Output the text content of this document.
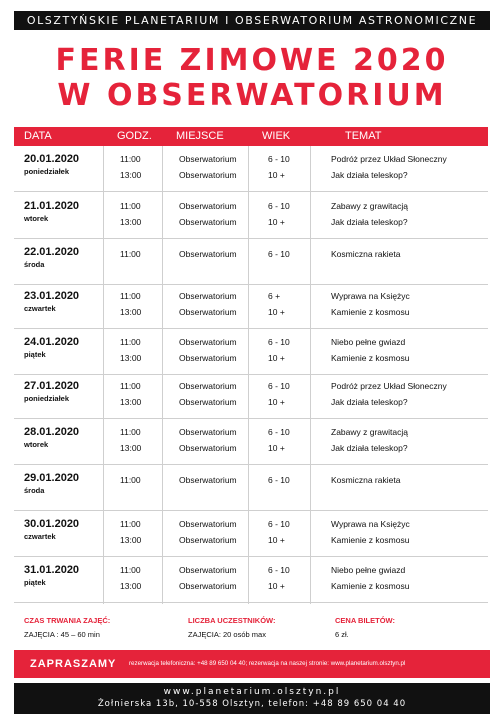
OLSZTYŃSKIE PLANETARIUM I OBSERWATORIUM ASTRONOMICZNE
FERIE ZIMOWE 2020
W OBSERWATORIUM
DATA	GODZ. MIEJSCE	WIEK	TEMAT
20.01.2020
poniedziałek
11:00	Obserwatorium	6 - 10	Podróż przez Układ Słoneczny
13:00	Obserwatorium	10 +	Jak działa teleskop?
21.01.2020
wtorek
11:00	Obserwatorium	6 - 10	Zabawy z grawitacją
13:00	Obserwatorium	10 +	Jak działa teleskop?
22.01.2020
środa
11:00	Obserwatorium	6 - 10	Kosmiczna rakieta
23.01.2020
czwartek
11:00	Obserwatorium	6 +	Wyprawa na Księżyc
13:00	Obserwatorium	10 +	Kamienie z kosmosu
24.01.2020
piątek
11:00	Obserwatorium	6 - 10	Niebo pełne gwiazd
13:00	Obserwatorium	10 +	Kamienie z kosmosu
27.01.2020
poniedziałek
11:00	Obserwatorium	6 - 10	Podróż przez Układ Słoneczny
13:00	Obserwatorium	10 +	Jak działa teleskop?
28.01.2020
wtorek
11:00	Obserwatorium	6 - 10	Zabawy z grawitacją
13:00	Obserwatorium	10 +	Jak działa teleskop?
29.01.2020
środa
11:00	Obserwatorium	6 - 10	Kosmiczna rakieta
30.01.2020
czwartek
11:00	Obserwatorium	6 - 10	Wyprawa na Księżyc
13:00	Obserwatorium	10 +	Kamienie z kosmosu
31.01.2020
piątek
11:00	Obserwatorium	6 - 10	Niebo pełne gwiazd
13:00	Obserwatorium	10 +	Kamienie z kosmosu
CZAS TRWANIA ZAJĘĆ:
ZAJĘCIA : 45 – 60 min
LICZBA UCZESTNIKÓW:
ZAJĘCIA: 20 osób max
CENA BILETÓW:
6 zł.
ZAPRASZAMY rezerwacja telefoniczna: +48 89 650 04 40; rezerwacja na naszej stronie: www.planetarium.olsztyn.pl
www.planetarium.olsztyn.pl
Żołnierska 13b, 10-558 Olsztyn, telefon: +48 89 650 04 40
